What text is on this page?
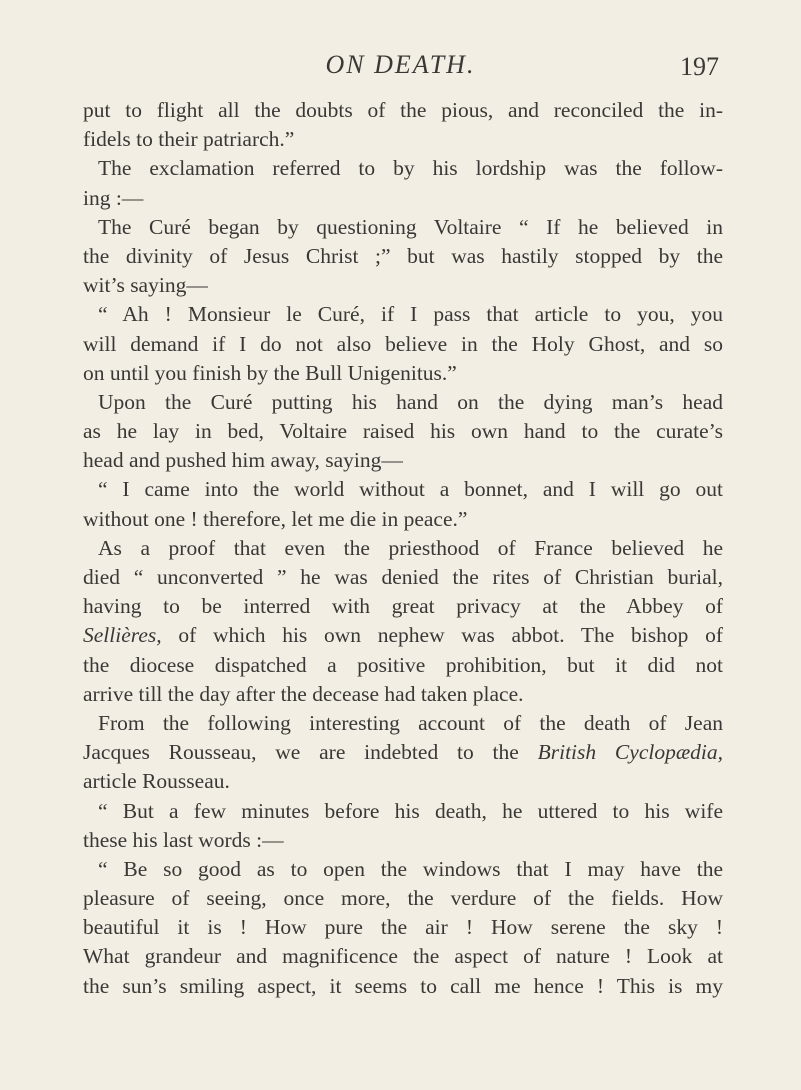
ON DEATH.	197
put to flight all the doubts of the pious, and reconciled the in-
fidels to their patriarch.”
The exclamation referred to by his lordship was the follow-
ing :—
The Curé began by questioning Voltaire “ If he believed in
the divinity of Jesus Christ ;” but was hastily stopped by the
wit’s saying—
“ Ah ! Monsieur le Curé, if I pass that article to you, you
will demand if I do not also believe in the Holy Ghost, and so
on until you finish by the Bull Unigenitus.”
Upon the Curé putting his hand on the dying man’s head
as he lay in bed, Voltaire raised his own hand to the curate’s
head and pushed him away, saying—
“ I came into the world without a bonnet, and I will go out
without one ! therefore, let me die in peace.”
As a proof that even the priesthood of France believed he
died “ unconverted ” he was denied the rites of Christian burial,
having to be interred with great privacy at the Abbey of
Sellières, of which his own nephew was abbot. The bishop of
the diocese dispatched a positive prohibition, but it did not
arrive till the day after the decease had taken place.
From the following interesting account of the death of Jean
Jacques Rousseau, we are indebted to the British Cyclopædia,
article Rousseau.
“ But a few minutes before his death, he uttered to his wife
these his last words :—
“ Be so good as to open the windows that I may have the
pleasure of seeing, once more, the verdure of the fields. How
beautiful it is ! How pure the air ! How serene the sky !
What grandeur and magnificence the aspect of nature ! Look at
the sun’s smiling aspect, it seems to call me hence ! This is my
